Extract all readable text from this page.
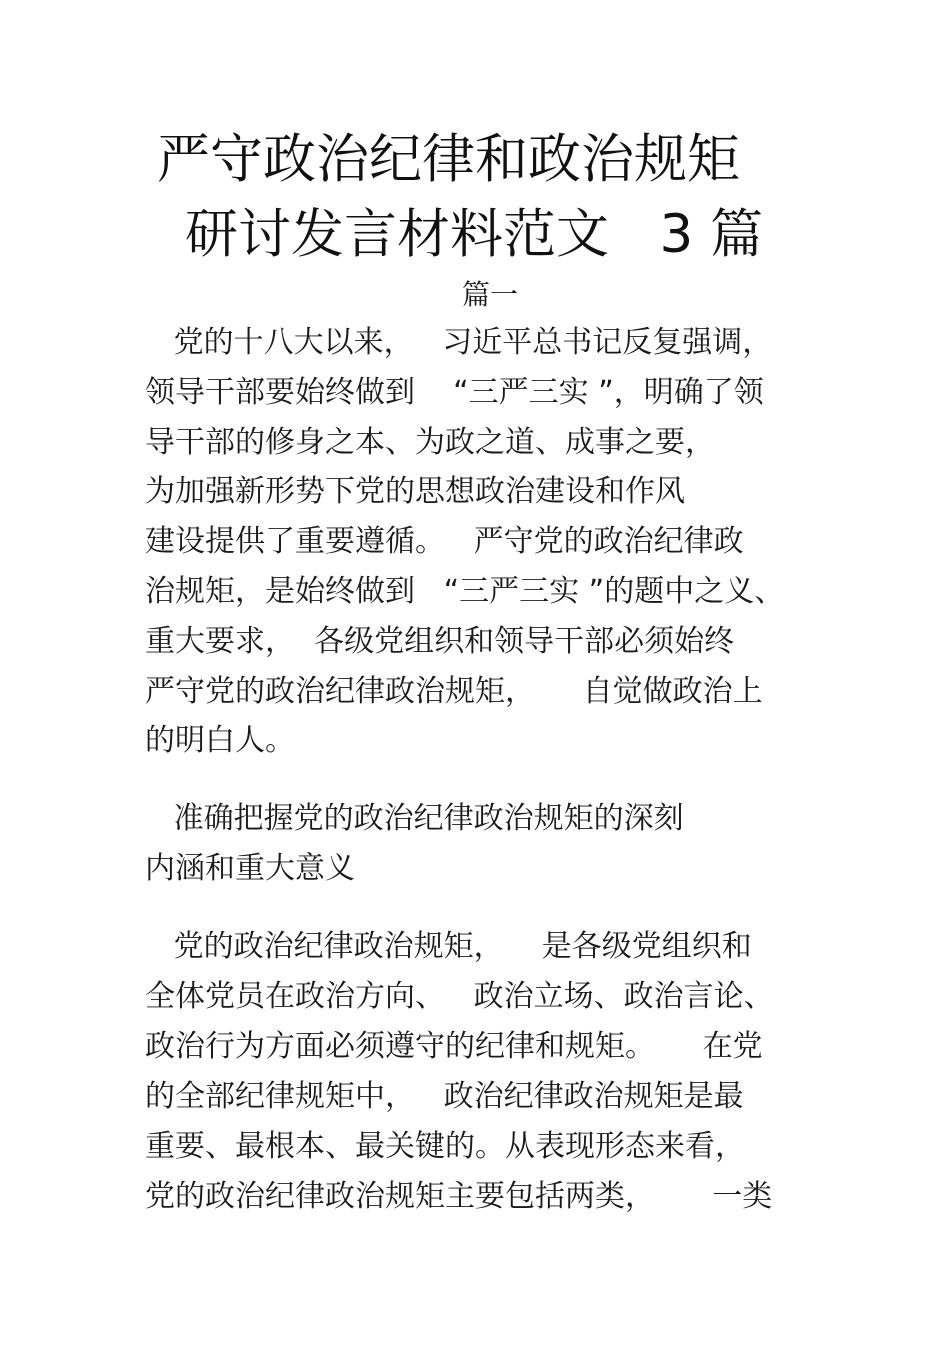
严守政治纪律和政治规矩
研讨发言材料范文   3 篇
篇一
党的十八大以来，   习近平总书记反复强调，
领导干部要始终做到    “三严三实 ”，明确了领
导干部的修身之本、为政之道、成事之要，
为加强新形势下党的思想政治建设和作风
建设提供了重要遵循。   严守党的政治纪律政
治规矩，是始终做到   “三严三实 ”的题中之义、
重大要求，  各级党组织和领导干部必须始终
严守党的政治纪律政治规矩，     自觉做政治上
的明白人。
准确把握党的政治纪律政治规矩的深刻
内涵和重大意义
党的政治纪律政治规矩，    是各级党组织和
全体党员在政治方向、   政治立场、政治言论、
政治行为方面必须遵守的纪律和规矩。     在党
的全部纪律规矩中，   政治纪律政治规矩是最
重要、最根本、最关键的。从表现形态来看，
党的政治纪律政治规矩主要包括两类，      一类
